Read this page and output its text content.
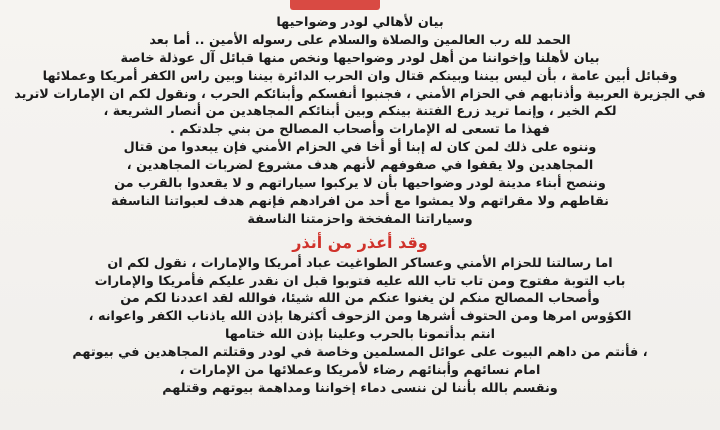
بيان لأهالي لودر وضواحيها
الحمد لله رب العالمين والصلاة والسلام على رسوله الأمين .. أما بعد
بيان لأهلنا وإخواننا من أهل لودر وضواحيها ونخص منها قبائل آل عوذلة خاصة
وقبائل أبين عامة ، بأن ليس بيننا وبينكم قتال وان الحرب الدائرة بيننا وبين راس الكفر أمريكا وعملائها
في الجزيرة العربية وأذنابهم في الحزام الأمني ، فجنبوا أنفسكم وأبنائكم الحرب ، ونقول لكم ان الإمارات لاتريد
لكم الخير ، وإنما تريد زرع الفتنة بينكم وبين أبنائكم المجاهدين من أنصار الشريعة ،
فهذا ما تسعى له الإمارات وأصحاب المصالح من بني جلدتكم .
وننوه على ذلك لمن كان له إبنا أو أخا في الحزام الأمني فإن يبعدوا من قتال
المجاهدين ولا يقفوا في صفوفهم لأنهم هدف مشروع لضربات المجاهدين ،
وننصح أبناء مدينة لودر وضواحيها بأن لا يركبوا سياراتهم و لا يقعدوا بالقرب من
نقاطهم ولا مقراتهم ولا يمشوا مع أحد من افرادهم فإنهم هدف لعبواتنا الناسفة
وسياراتنا المفخخة واحزمتنا الناسفة
وقد أعذر من أنذر
اما رسالتنا للحزام الأمني وعساكر الطواغيت عباد أمريكا والإمارات ، نقول لكم ان
باب التوبة مفتوح ومن تاب تاب الله عليه فتوبوا قبل ان نقدر عليكم فأمريكا والإمارات
وأصحاب المصالح منكم لن يغنوا عنكم من الله شيئا، فوالله لقد اعددنا لكم من
الكؤوس امرها ومن الحتوف أشرها ومن الزحوف أكثرها بإذن الله ياذناب الكفر واعوانه ،
انتم بدأتمونا بالحرب وعلينا بإذن الله ختامها
، فأنتم من داهم البيوت على عوائل المسلمين وخاصة في لودر وقتلتم المجاهدين في بيوتهم
امام نسائهم وأبنائهم رضاء لأمريكا وعملائها من الإمارات ،
ونقسم بالله بأننا لن ننسى دماء إخواننا ومداهمة بيوتهم وقتلهم
